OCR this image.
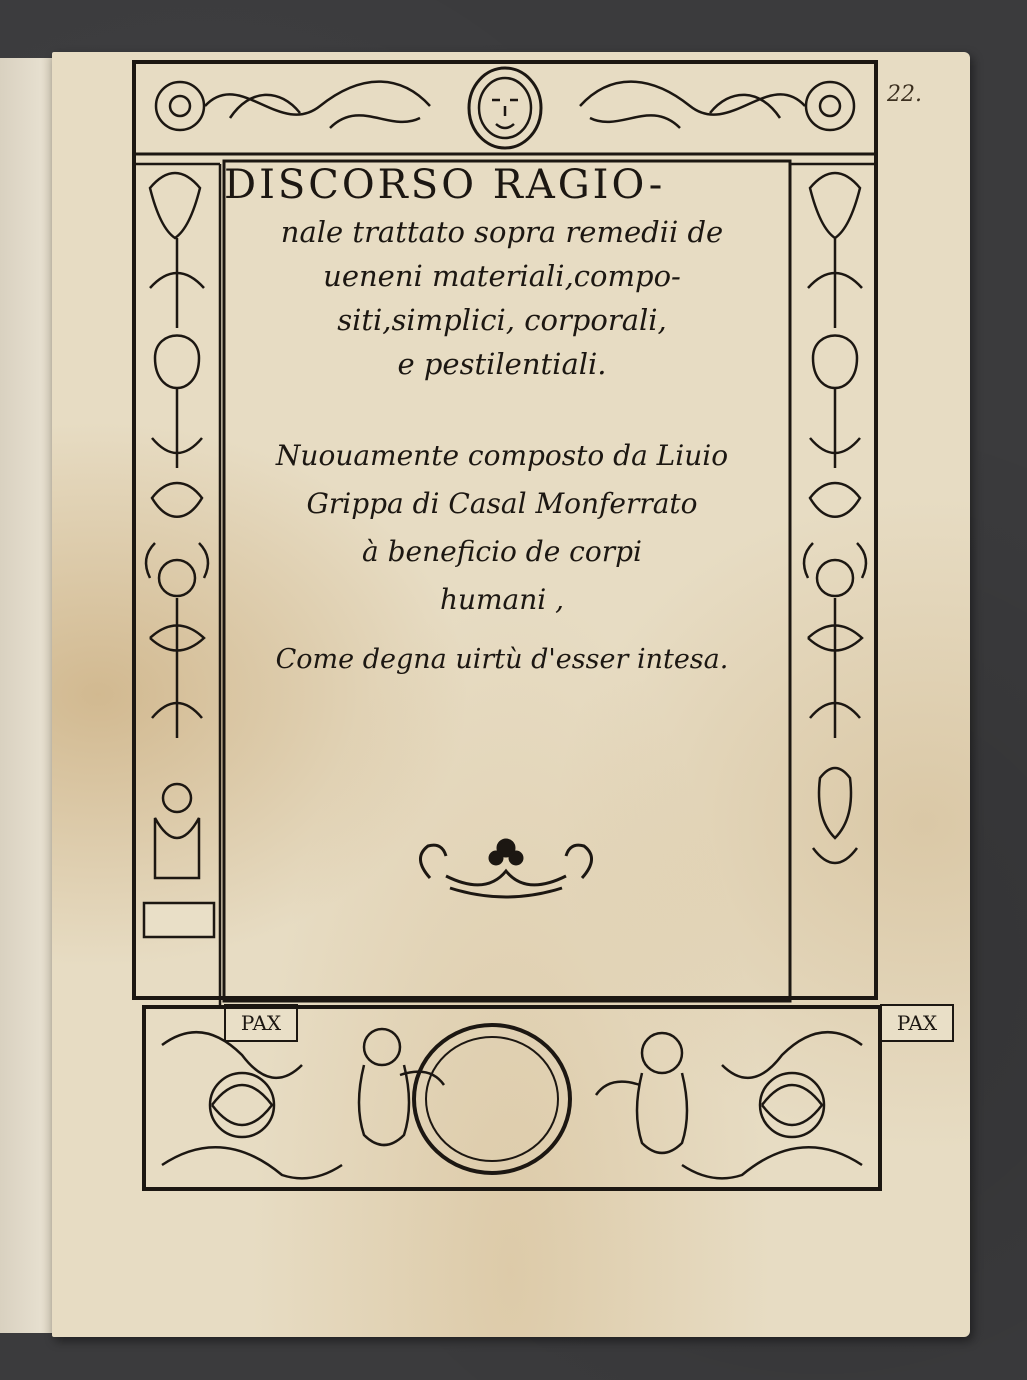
22.
PAX	PAX
DISCORSO RAGIO-
nale trattato sopra remedii de
ueneni materiali,compo-
siti,simplici, corporali,
e pestilentiali.
Nuouamente composto da Liuio
Grippa di Casal Monferrato
à beneficio de corpi
humani ,
Come degna uirtù d'esser intesa.
